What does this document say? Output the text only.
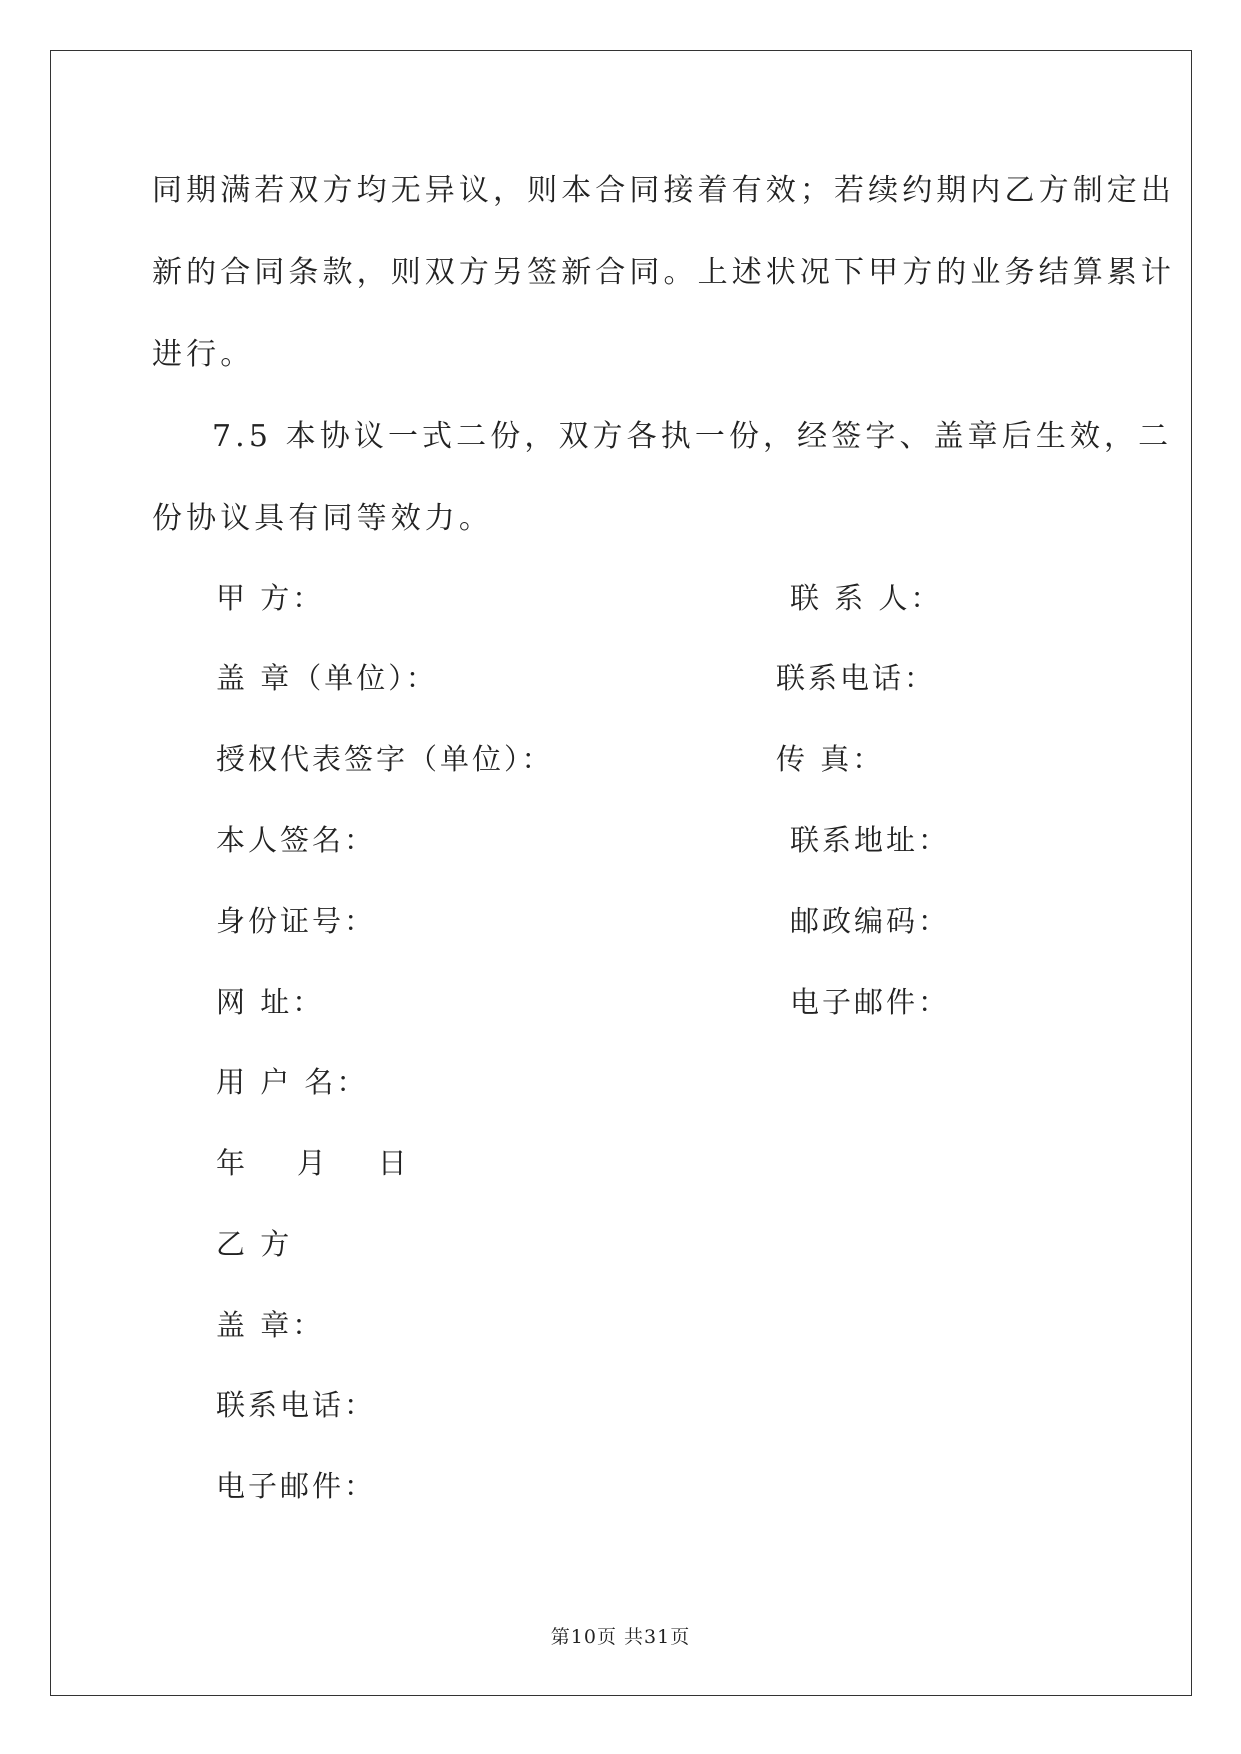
同期满若双方均无异议，则本合同接着有效；若续约期内乙方制定出

新的合同条款，则双方另签新合同。上述状况下甲方的业务结算累计

进行。

7.5 本协议一式二份，双方各执一份，经签字、盖章后生效，二

份协议具有同等效力。

甲 方：	联 系 人：

盖 章（单位）：	联系电话：

授权代表签字（单位）：	传 真：

本人签名：	联系地址：

身份证号：	邮政编码：

网 址：	电子邮件：

用 户 名：

年    月    日

乙 方

盖 章：

联系电话：

电子邮件：

第10页 共31页
